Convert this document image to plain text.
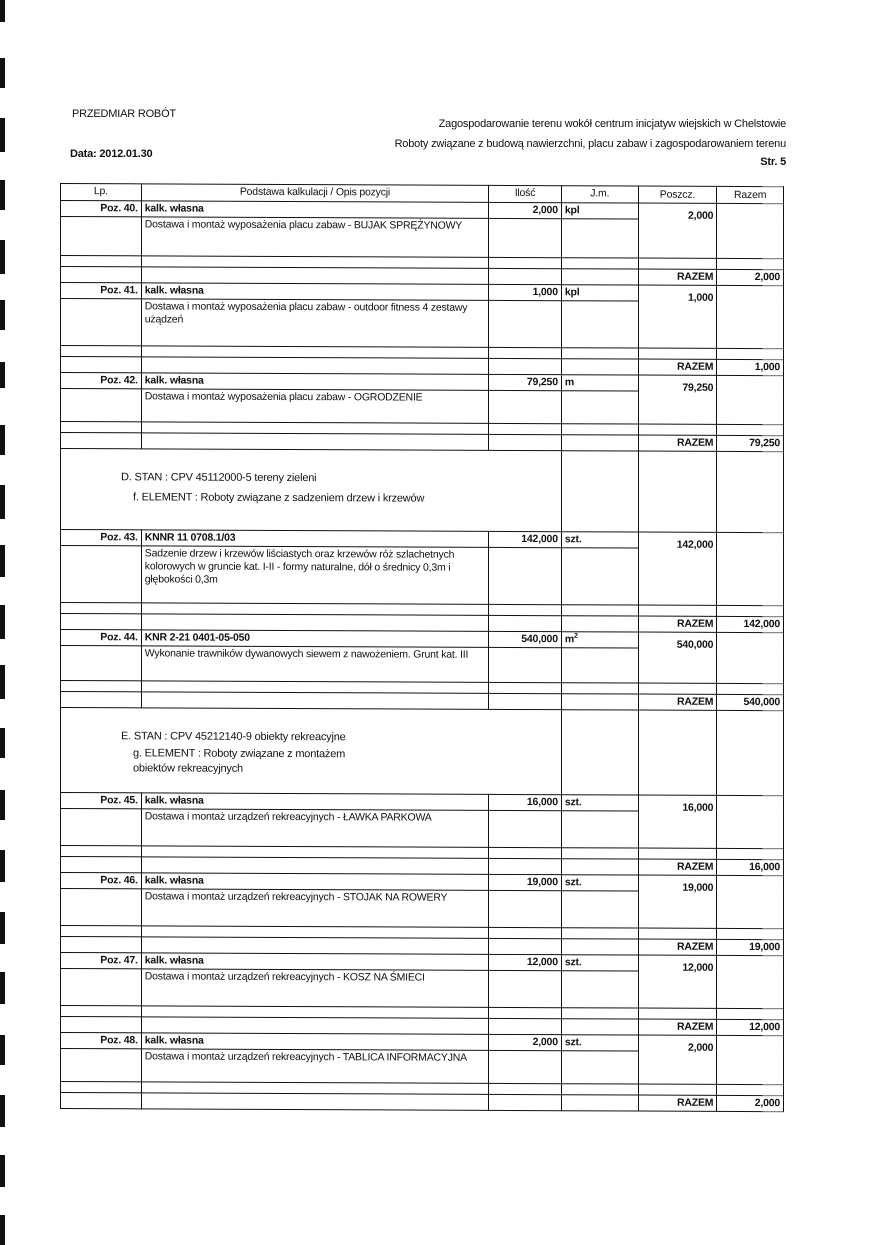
PRZEDMIAR ROBÓT
Zagospodarowanie terenu wokół centrum inicjatyw wiejskich w Chelstowie
Roboty związane z budową nawierzchni, placu zabaw i zagospodarowaniem terenu
Data: 2012.01.30
Str. 5
Lp.	Podstawa kalkulacji / Opis pozycji	Ilość	J.m.	Poszcz.	Razem
Poz. 40.	kalk. własna	2,000	kpl	2,000	
	Dostawa i montaż wyposażenia placu zabaw - BUJAK SPRĘŻYNOWY				

				RAZEM	2,000
Poz. 41.	kalk. własna	1,000	kpl	1,000	
	Dostawa i montaż wyposażenia placu zabaw - outdoor fitness 4 zestawy użądzeń				

				RAZEM	1,000
Poz. 42.	kalk. własna	79,250	m	79,250	
	Dostawa i montaż wyposażenia placu zabaw - OGRODZENIE				

				RAZEM	79,250

D. STAN : CPV 45112000-5 tereny zieleni
f. ELEMENT : Roboty związane z sadzeniem drzew i krzewów					

Poz. 43.	KNNR 11 0708.1/03	142,000	szt.	142,000	
	Sadzenie drzew i krzewów liściastych oraz krzewów róż szlachetnych kolorowych w gruncie kat. I-II - formy naturalne, dół o średnicy 0,3m i głębokości 0,3m				

				RAZEM	142,000
Poz. 44.	KNR 2-21 0401-05-050	540,000	$m^2$	540,000	
	Wykonanie trawników dywanowych siewem z nawożeniem. Grunt kat. III				

				RAZEM	540,000

E. STAN : CPV 45212140-9 obiekty rekreacyjne
g. ELEMENT : Roboty związane z montażem obiektów rekreacyjnych					

Poz. 45.	kalk. własna	16,000	szt.	16,000	
	Dostawa i montaż urządzeń rekreacyjnych - ŁAWKA PARKOWA				

				RAZEM	16,000
Poz. 46.	kalk. własna	19,000	szt.	19,000	
	Dostawa i montaż urządzeń rekreacyjnych - STOJAK NA ROWERY				

				RAZEM	19,000
Poz. 47.	kalk. własna	12,000	szt.	12,000	
	Dostawa i montaż urządzeń rekreacyjnych - KOSZ NA ŚMIECI				

				RAZEM	12,000
Poz. 48.	kalk. własna	2,000	szt.	2,000	
	Dostawa i montaż urządzeń rekreacyjnych - TABLICA INFORMACYJNA				

				RAZEM	2,000
